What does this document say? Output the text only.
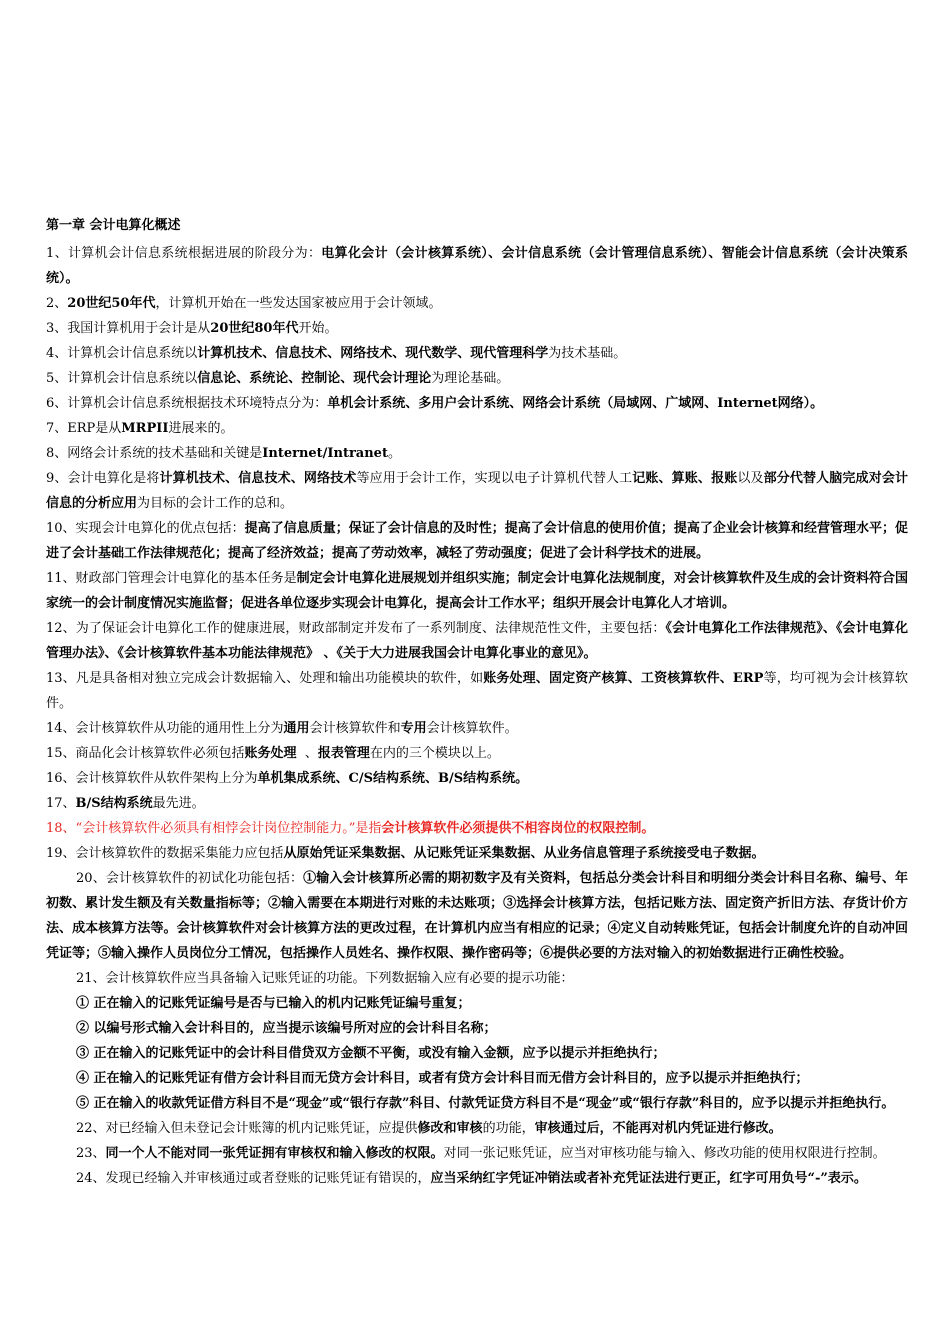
第一章 会计电算化概述

1、计算机会计信息系统根据进展的阶段分为：电算化会计（会计核算系统）、会计信息系统（会计管理信息系统）、智能会计信息系统（会计决策系统）。

2、20世纪50年代，计算机开始在一些发达国家被应用于会计领域。

3、我国计算机用于会计是从20世纪80年代开始。

4、计算机会计信息系统以计算机技术、信息技术、网络技术、现代数学、现代管理科学为技术基础。

5、计算机会计信息系统以信息论、系统论、控制论、现代会计理论为理论基础。

6、计算机会计信息系统根据技术环境特点分为：单机会计系统、多用户会计系统、网络会计系统（局域网、广域网、Internet网络）。

7、ERP是从MRPII进展来的。

8、网络会计系统的技术基础和关键是Internet/Intranet。

9、会计电算化是将计算机技术、信息技术、网络技术等应用于会计工作，实现以电子计算机代替人工记账、算账、报账以及部分代替人脑完成对会计信息的分析应用为目标的会计工作的总和。

10、实现会计电算化的优点包括：提高了信息质量；保证了会计信息的及时性；提高了会计信息的使用价值；提高了企业会计核算和经营管理水平；促进了会计基础工作法律规范化；提高了经济效益；提高了劳动效率，减轻了劳动强度；促进了会计科学技术的进展。

11、财政部门管理会计电算化的基本任务是制定会计电算化进展规划并组织实施；制定会计电算化法规制度，对会计核算软件及生成的会计资料符合国家统一的会计制度情况实施监督；促进各单位逐步实现会计电算化，提高会计工作水平；组织开展会计电算化人才培训。

12、为了保证会计电算化工作的健康进展，财政部制定并发布了一系列制度、法律规范性文件，主要包括：《会计电算化工作法律规范》、《会计电算化管理办法》、《会计核算软件基本功能法律规范》 、《关于大力进展我国会计电算化事业的意见》。

13、凡是具备相对独立完成会计数据输入、处理和输出功能模块的软件，如账务处理、固定资产核算、工资核算软件、ERP等，均可视为会计核算软件。

14、会计核算软件从功能的通用性上分为通用会计核算软件和专用会计核算软件。

15、商品化会计核算软件必须包括账务处理  、报表管理在内的三个模块以上。

16、会计核算软件从软件架构上分为单机集成系统、C/S结构系统、B/S结构系统。

17、B/S结构系统最先进。

18、“会计核算软件必须具有相悖会计岗位控制能力。”是指会计核算软件必须提供不相容岗位的权限控制。

19、会计核算软件的数据采集能力应包括从原始凭证采集数据、从记账凭证采集数据、从业务信息管理子系统接受电子数据。

20、会计核算软件的初试化功能包括：①输入会计核算所必需的期初数字及有关资料，包括总分类会计科目和明细分类会计科目名称、编号、年初数、累计发生额及有关数量指标等；②输入需要在本期进行对账的未达账项；③选择会计核算方法，包括记账方法、固定资产折旧方法、存货计价方法、成本核算方法等。会计核算软件对会计核算方法的更改过程，在计算机内应当有相应的记录；④定义自动转账凭证，包括会计制度允许的自动冲回凭证等；⑤输入操作人员岗位分工情况，包括操作人员姓名、操作权限、操作密码等；⑥提供必要的方法对输入的初始数据进行正确性校验。

21、会计核算软件应当具备输入记账凭证的功能。下列数据输入应有必要的提示功能：

① 正在输入的记账凭证编号是否与已输入的机内记账凭证编号重复；

② 以编号形式输入会计科目的，应当提示该编号所对应的会计科目名称；

③ 正在输入的记账凭证中的会计科目借贷双方金额不平衡，或没有输入金额，应予以提示并拒绝执行；

④ 正在输入的记账凭证有借方会计科目而无贷方会计科目，或者有贷方会计科目而无借方会计科目的，应予以提示并拒绝执行；

⑤ 正在输入的收款凭证借方科目不是“现金”或“银行存款”科目、付款凭证贷方科目不是“现金”或“银行存款”科目的，应予以提示并拒绝执行。

22、对已经输入但未登记会计账簿的机内记账凭证，应提供修改和审核的功能，审核通过后，不能再对机内凭证进行修改。

23、同一个人不能对同一张凭证拥有审核权和输入修改的权限。对同一张记账凭证，应当对审核功能与输入、修改功能的使用权限进行控制。

24、发现已经输入并审核通过或者登账的记账凭证有错误的，应当采纳红字凭证冲销法或者补充凭证法进行更正，红字可用负号“-”表示。
